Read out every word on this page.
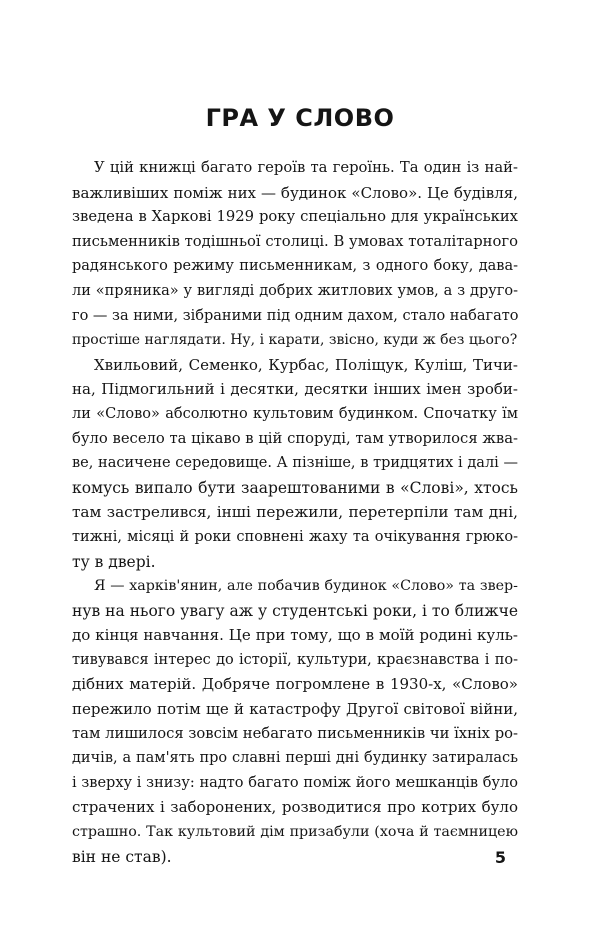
ГРА У СЛОВО

У цій книжці багато героїв та героїнь. Та один із най-
важливіших поміж них — будинок «Слово». Це будівля,
зведена в Харкові 1929 року спеціально для українських
письменників тодішньої столиці. В умовах тоталітарного
радянського режиму письменникам, з одного боку, дава-
ли «пряника» у вигляді добрих житлових умов, а з друго-
го — за ними, зібраними під одним дахом, стало набагато
простіше наглядати. Ну, і карати, звісно, куди ж без цього?

Хвильовий, Семенко, Курбас, Поліщук, Куліш, Тичи-
на, Підмогильний і десятки, десятки інших імен зроби-
ли «Слово» абсолютно культовим будинком. Спочатку їм
було весело та цікаво в цій споруді, там утворилося жва-
ве, насичене середовище. А пізніше, в тридцятих і далі —
комусь випало бути заарештованими в «Слові», хтось
там застрелився, інші пережили, перетерпіли там дні,
тижні, місяці й роки сповнені жаху та очікування грюко-
ту в двері.

Я — харків'янин, але побачив будинок «Слово» та звер-
нув на нього увагу аж у студентські роки, і то ближче
до кінця навчання. Це при тому, що в моїй родині куль-
тивувався інтерес до історії, культури, краєзнавства і по-
дібних матерій. Добряче погромлене в 1930-х, «Слово»
пережило потім ще й катастрофу Другої світової війни,
там лишилося зовсім небагато письменників чи їхніх ро-
дичів, а пам'ять про славні перші дні будинку затиралась
і зверху і знизу: надто багато поміж його мешканців було
страчених і заборонених, розводитися про котрих було
страшно. Так культовий дім призабули (хоча й таємницею
він не став).	5
